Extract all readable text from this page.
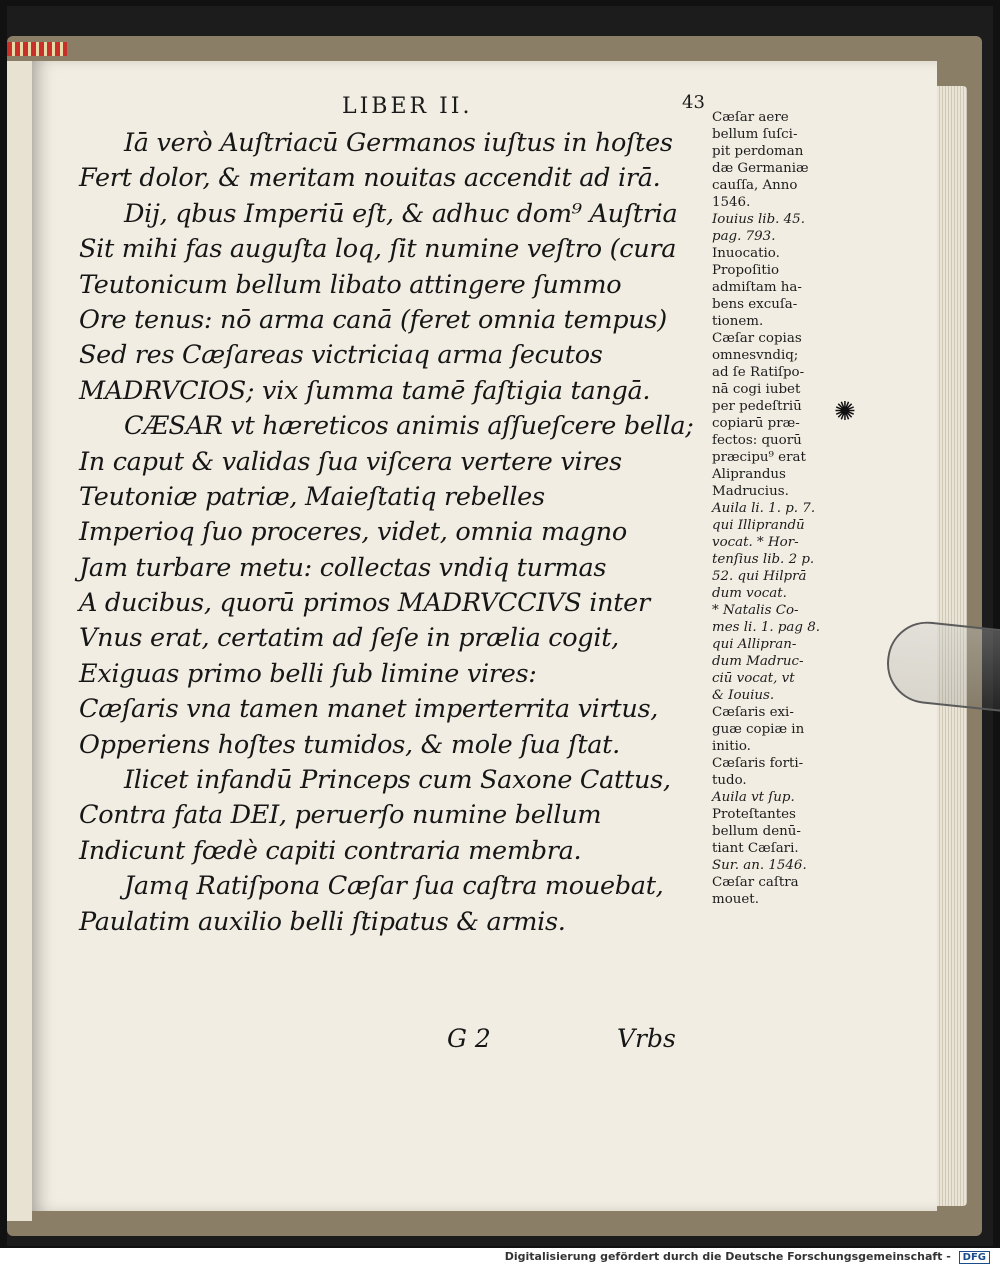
LIBER II.	43
Iā verò Auſtriacū Germanos iuſtus in hoſtes
Fert dolor, & meritam nouitas accendit ad irā.
Dij, qbus Imperiū eſt, & adhuc dom⁹ Auſtria
Sit mihi fas auguſta loq, ſit numine veſtro (cura
Teutonicum bellum libato attingere ſummo
Ore tenus: nō arma canā (feret omnia tempus)
Sed res Cæſareas victriciaq arma ſecutos
MADRVCIOS; vix ſumma tamē faſtigia tangā.
CÆSAR vt hæreticos animis aſſueſcere bella;
In caput & validas ſua viſcera vertere vires
Teutoniæ patriæ, Maieſtatiq rebelles
Imperioq ſuo proceres, videt, omnia magno
Jam turbare metu: collectas vndiq turmas
A ducibus, quorū primos MADRVCCIVS inter
Vnus erat, certatim ad ſeſe in prælia cogit,
Exiguas primo belli ſub limine vires:
Cæſaris vna tamen manet imperterrita virtus,
Opperiens hoſtes tumidos, & mole ſua ſtat.
Ilicet infandū Princeps cum Saxone Cattus,
Contra fata DEI, peruerſo numine bellum
Indicunt fœdè capiti contraria membra.
Jamq Ratiſpona Cæſar ſua caſtra mouebat,
Paulatim auxilio belli ſtipatus & armis.
G 2	Vrbs
Cæſar aere
bellum ſuſci-
pit perdoman
dæ Germaniæ
cauſſa, Anno
1546.
Iouius lib. 45.
pag. 793.
Inuocatio.
Propoſitio
admiſtam ha-
bens excuſa-
tionem.
Cæſar copias
omnesvndiq;
ad ſe Ratiſpo-
nā cogi iubet
per pedeſtriū
copiarū præ-
fectos: quorū
præcipu⁹ erat
Aliprandus
Madrucius.
Auila li. 1. p. 7.
qui Illiprandū
vocat. * Hor-
tenſius lib. 2 p.
52. qui Hilprā
dum vocat.
* Natalis Co-
mes li. 1. pag 8.
qui Allipran-
dum Madruc-
ciū vocat, vt
& Iouius.
Cæſaris exi-
guæ copiæ in
initio.
Cæſaris forti-
tudo.
Auila vt ſup.
Proteſtantes
bellum denū-
tiant Cæſari.
Sur. an. 1546.
Cæſar caſtra
mouet.
✺
Digitalisierung gefördert durch die Deutsche Forschungsgemeinschaft - DFG
